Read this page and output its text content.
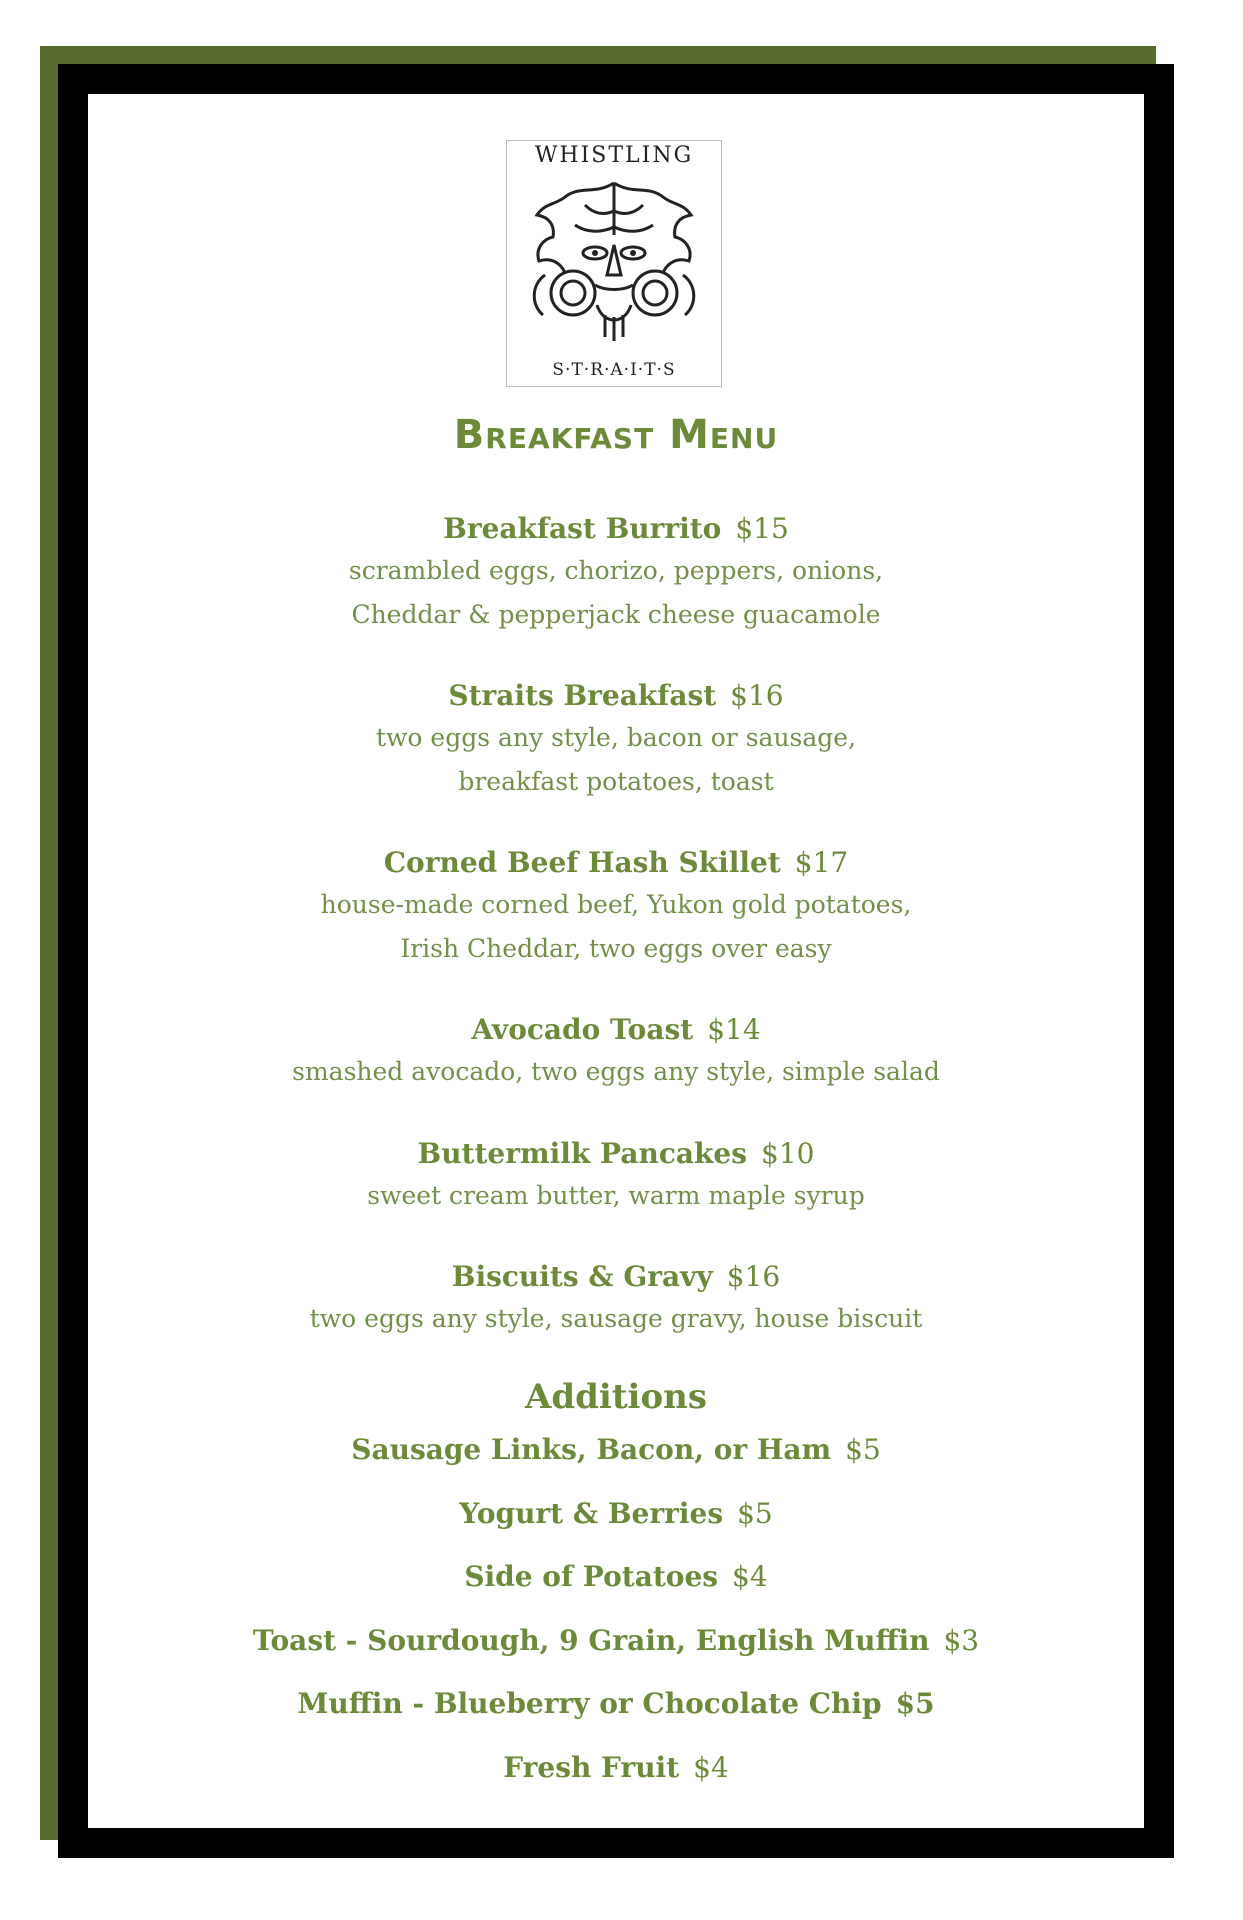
WHISTLING
S·T·R·A·I·T·S
Breakfast Menu
Breakfast Burrito $15
scrambled eggs, chorizo, peppers, onions,
Cheddar & pepperjack cheese guacamole
Straits Breakfast $16
two eggs any style, bacon or sausage,
breakfast potatoes, toast
Corned Beef Hash Skillet $17
house-made corned beef, Yukon gold potatoes,
Irish Cheddar, two eggs over easy
Avocado Toast $14
smashed avocado, two eggs any style, simple salad
Buttermilk Pancakes $10
sweet cream butter, warm maple syrup
Biscuits & Gravy $16
two eggs any style, sausage gravy, house biscuit
Additions
Sausage Links, Bacon, or Ham $5
Yogurt & Berries $5
Side of Potatoes $4
Toast - Sourdough, 9 Grain, English Muffin $3
Muffin - Blueberry or Chocolate Chip $5
Fresh Fruit $4
